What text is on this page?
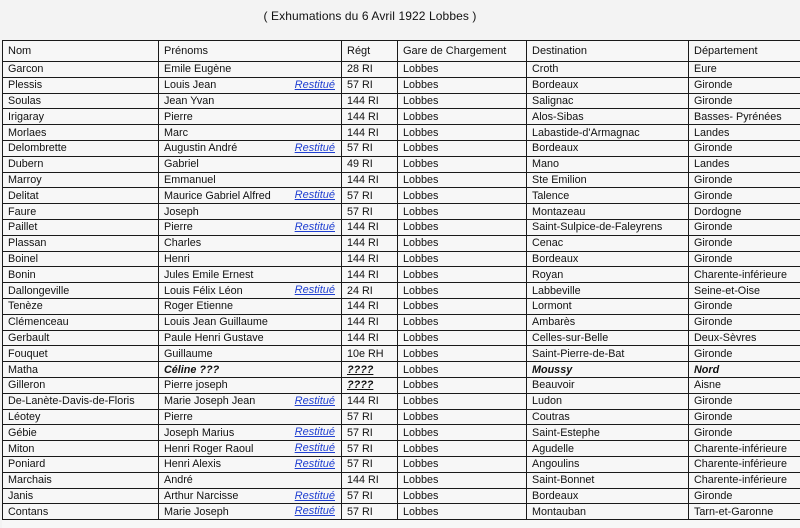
( Exhumations du 6 Avril 1922 Lobbes )
Nom	Prénoms	Régt	Gare de Chargement	Destination	Département
Garcon	Emile Eugène	28 RI	Lobbes	Croth	Eure
Plessis	Louis Jean Restitué	57 RI	Lobbes	Bordeaux	Gironde
Soulas	Jean Yvan	144 RI	Lobbes	Salignac	Gironde
Irigaray	Pierre	144 RI	Lobbes	Alos-Sibas	Basses- Pyrénées
Morlaes	Marc	144 RI	Lobbes	Labastide-d'Armagnac	Landes
Delombrette	Augustin André Restitué	57 RI	Lobbes	Bordeaux	Gironde
Dubern	Gabriel	49 RI	Lobbes	Mano	Landes
Marroy	Emmanuel	144 RI	Lobbes	Ste Emilion	Gironde
Delitat	Maurice Gabriel Alfred Restitué	57 RI	Lobbes	Talence	Gironde
Faure	Joseph	57 RI	Lobbes	Montazeau	Dordogne
Paillet	Pierre Restitué	144 RI	Lobbes	Saint-Sulpice-de-Faleyrens	Gironde
Plassan	Charles	144 RI	Lobbes	Cenac	Gironde
Boinel	Henri	144 RI	Lobbes	Bordeaux	Gironde
Bonin	Jules Emile Ernest	144 RI	Lobbes	Royan	Charente-inférieure
Dallongeville	Louis Félix Léon Restitué	24 RI	Lobbes	Labbeville	Seine-et-Oise
Tenèze	Roger Etienne	144 RI	Lobbes	Lormont	Gironde
Clémenceau	Louis Jean Guillaume	144 RI	Lobbes	Ambarès	Gironde
Gerbault	Paule Henri Gustave	144 RI	Lobbes	Celles-sur-Belle	Deux-Sèvres
Fouquet	Guillaume	10e RH	Lobbes	Saint-Pierre-de-Bat	Gironde
Matha	Céline ???	????	Lobbes	Moussy	Nord
Gilleron	Pierre joseph	????	Lobbes	Beauvoir	Aisne
De-Lanète-Davis-de-Floris	Marie Joseph Jean Restitué	144 RI	Lobbes	Ludon	Gironde
Léotey	Pierre	57 RI	Lobbes	Coutras	Gironde
Gébie	Joseph Marius Restitué	57 RI	Lobbes	Saint-Estephe	Gironde
Miton	Henri Roger Raoul Restitué	57 RI	Lobbes	Agudelle	Charente-inférieure
Poniard	Henri Alexis Restitué	57 RI	Lobbes	Angoulins	Charente-inférieure
Marchais	André	144 RI	Lobbes	Saint-Bonnet	Charente-inférieure
Janis	Arthur Narcisse Restitué	57 RI	Lobbes	Bordeaux	Gironde
Contans	Marie Joseph Restitué	57 RI	Lobbes	Montauban	Tarn-et-Garonne
